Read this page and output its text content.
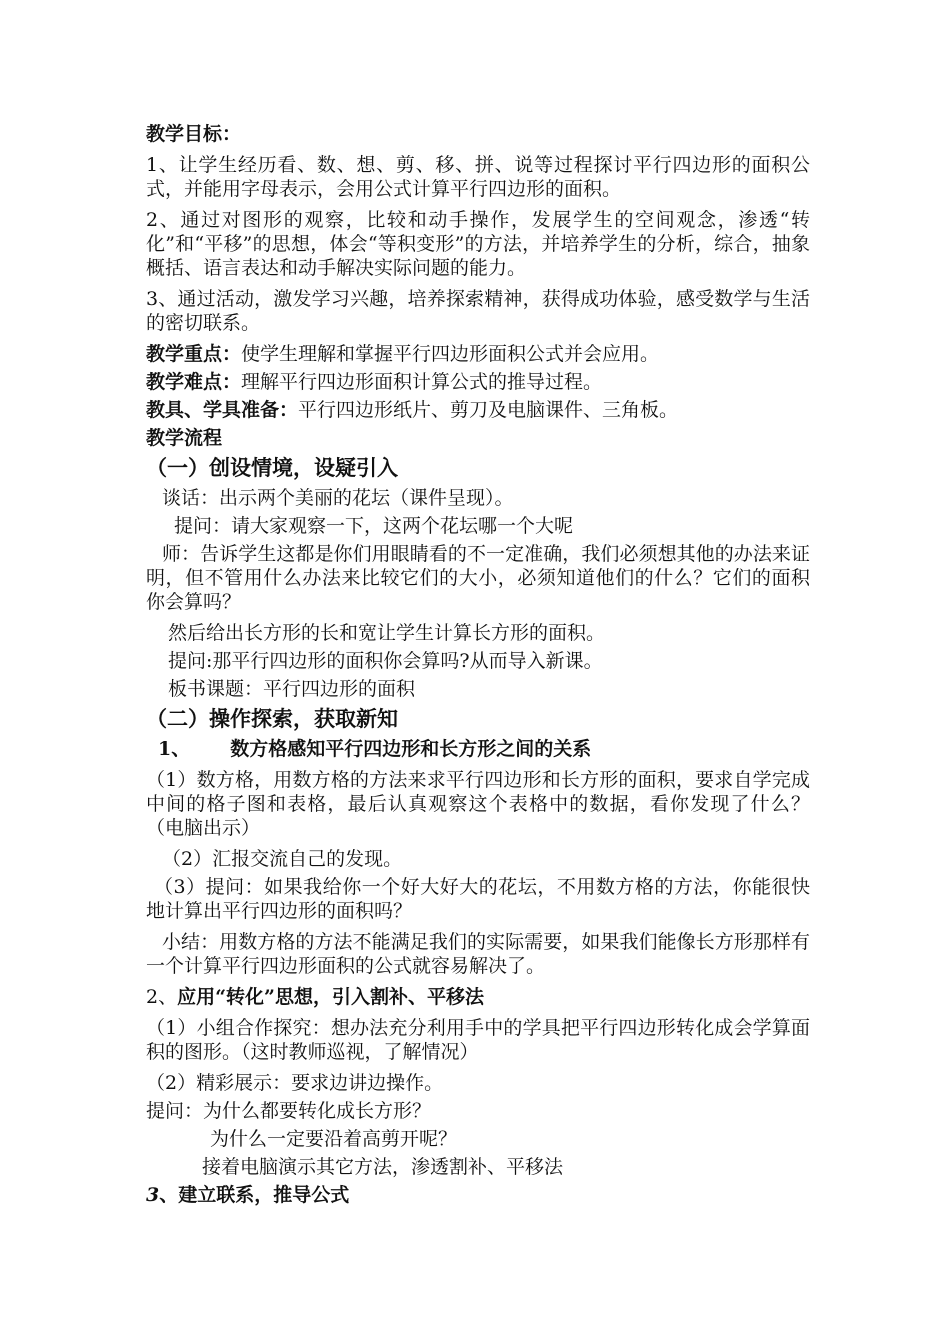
教学目标：

1、让学生经历看、数、想、剪、移、拼、说等过程探讨平行四边形的面积公式，并能用字母表示，会用公式计算平行四边形的面积。

2、通过对图形的观察，比较和动手操作，发展学生的空间观念，渗透“转化”和“平移”的思想，体会“等积变形”的方法，并培养学生的分析，综合，抽象概括、语言表达和动手解决实际问题的能力。

3、通过活动，激发学习兴趣，培养探索精神，获得成功体验，感受数学与生活的密切联系。

教学重点：使学生理解和掌握平行四边形面积公式并会应用。

教学难点：理解平行四边形面积计算公式的推导过程。

教具、学具准备：平行四边形纸片、剪刀及电脑课件、三角板。

教学流程

（一）创设情境，设疑引入

谈话：出示两个美丽的花坛（课件呈现）。

提问：请大家观察一下，这两个花坛哪一个大呢

师：告诉学生这都是你们用眼睛看的不一定准确，我们必须想其他的办法来证明，但不管用什么办法来比较它们的大小，必须知道他们的什么？它们的面积你会算吗？

然后给出长方形的长和宽让学生计算长方形的面积。

提问:那平行四边形的面积你会算吗?从而导入新课。

板书课题：平行四边形的面积

（二）操作探索，获取新知

1、 数方格感知平行四边形和长方形之间的关系

（1）数方格，用数方格的方法来求平行四边形和长方形的面积，要求自学完成中间的格子图和表格，最后认真观察这个表格中的数据，看你发现了什么？（电脑出示）

（2）汇报交流自己的发现。

（3）提问：如果我给你一个好大好大的花坛，不用数方格的方法，你能很快地计算出平行四边形的面积吗？

小结：用数方格的方法不能满足我们的实际需要，如果我们能像长方形那样有一个计算平行四边形面积的公式就容易解决了。

2、应用“转化”思想，引入割补、平移法

（1）小组合作探究：想办法充分利用手中的学具把平行四边形转化成会学算面积的图形。（这时教师巡视，了解情况）

（2）精彩展示：要求边讲边操作。

提问：为什么都要转化成长方形？

为什么一定要沿着高剪开呢？

接着电脑演示其它方法，渗透割补、平移法

3、建立联系，推导公式
